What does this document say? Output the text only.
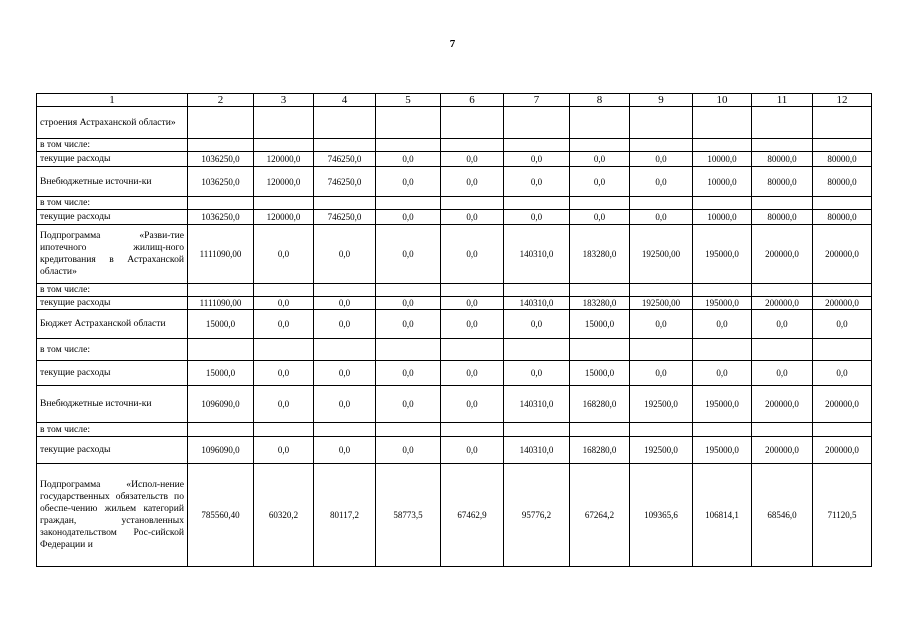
7
1	2	3	4	5	6	7	8	9	10	11	12
строения Астраханской области»											
в том числе:											
текущие расходы	1036250,0	120000,0	746250,0	0,0	0,0	0,0	0,0	0,0	10000,0	80000,0	80000,0
Внебюджетные источни-ки	1036250,0	120000,0	746250,0	0,0	0,0	0,0	0,0	0,0	10000,0	80000,0	80000,0
в том числе:											
текущие расходы	1036250,0	120000,0	746250,0	0,0	0,0	0,0	0,0	0,0	10000,0	80000,0	80000,0
Подпрограмма «Разви-тие ипотечного жилищ-ного кредитования в Астраханской области»	1111090,00	0,0	0,0	0,0	0,0	140310,0	183280,0	192500,00	195000,0	200000,0	200000,0
в том числе:											
текущие расходы	1111090,00	0,0	0,0	0,0	0,0	140310,0	183280,0	192500,00	195000,0	200000,0	200000,0
Бюджет Астраханской области	15000,0	0,0	0,0	0,0	0,0	0,0	15000,0	0,0	0,0	0,0	0,0
в том числе:											
текущие расходы	15000,0	0,0	0,0	0,0	0,0	0,0	15000,0	0,0	0,0	0,0	0,0
Внебюджетные источни-ки	1096090,0	0,0	0,0	0,0	0,0	140310,0	168280,0	192500,0	195000,0	200000,0	200000,0
в том числе:											
текущие расходы	1096090,0	0,0	0,0	0,0	0,0	140310,0	168280,0	192500,0	195000,0	200000,0	200000,0
Подпрограмма «Испол-нение государственных обязательств по обеспе-чению жильем категорий граждан, установленных законодательством Рос-сийской Федерации и	785560,40	60320,2	80117,2	58773,5	67462,9	95776,2	67264,2	109365,6	106814,1	68546,0	71120,5
